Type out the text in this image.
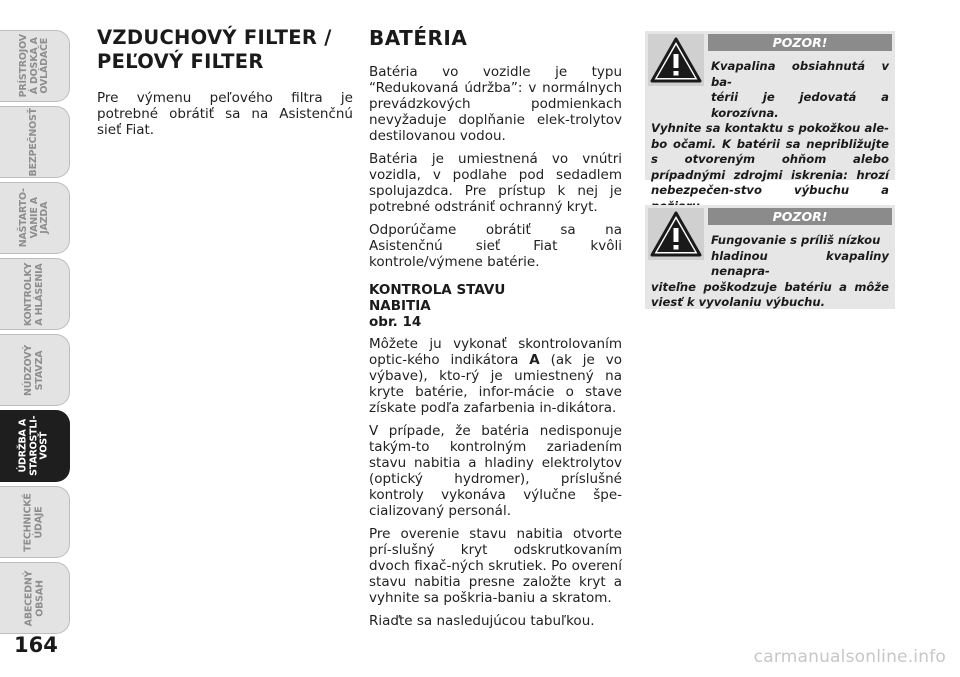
PRÍSTROJOV
Á DOSKA A
OVLÁDAČE
BEZPEČNOSŤ
NAŠTARTO-
VANIE A
JAZDA
KONTROLKY
A HLÁSENIA
NÚDZOVÝ
STAVZA
ÚDRŽBA A
STAROSTLI-
VOSŤ
TECHNICKÉ
ÚDAJE
ABECEDNÝ
OBSAH
164
VZDUCHOVÝ FILTER /
PEĽOVÝ FILTER

Pre výmenu peľového filtra je potrebné obrátiť sa na Asistenčnú sieť Fiat.

BATÉRIA

Batéria vo vozidle je typu “Redukovaná údržba”: v normálnych prevádzkových podmienkach nevyžaduje doplňanie elek-trolytov destilovanou vodou.

Batéria je umiestnená vo vnútri vozidla, v podlahe pod sedadlem spolujazdca. Pre prístup k nej je potrebné odstrániť ochranný kryt.

Odporúčame obrátiť sa na Asistenčnú sieť Fiat kvôli kontrole/výmene batérie.

KONTROLA STAVU
NABITIA
obr. 14

Môžete ju vykonať skontrolovaním optic-kého indikátora A (ak je vo výbave), kto-rý je umiestnený na kryte batérie, infor-mácie o stave získate podľa zafarbenia in-dikátora.

V prípade, že batéria nedisponuje takým-to kontrolným zariadením stavu nabitia a hladiny elektrolytov (optický hydromer), príslušné kontroly vykonáva výlučne špe-cializovaný personál.

Pre overenie stavu nabitia otvorte prí-slušný kryt odskrutkovaním dvoch fixač-ných skrutiek. Po overení stavu nabitia presne založte kryt a vyhnite sa poškria-baniu a skratom.

Riaďte sa nasledujúcou tabuľkou.

POZOR!

Kvapalina obsiahnutá v ba-
térii je jedovatá a korozívna.
Vyhnite sa kontaktu s pokožkou ale-bo očami. K batérii sa nepribližujte s otvoreným ohňom alebo prípadnými zdrojmi iskrenia: hrozí nebezpečen-stvo výbuchu a

POZOR!

Fungovanie s príliš nízkou
hladinou kvapaliny nenapra-
viteľne poškodzuje batériu a môže viesť k vyvolaniu výbuchu.

carmanualsonline.info
